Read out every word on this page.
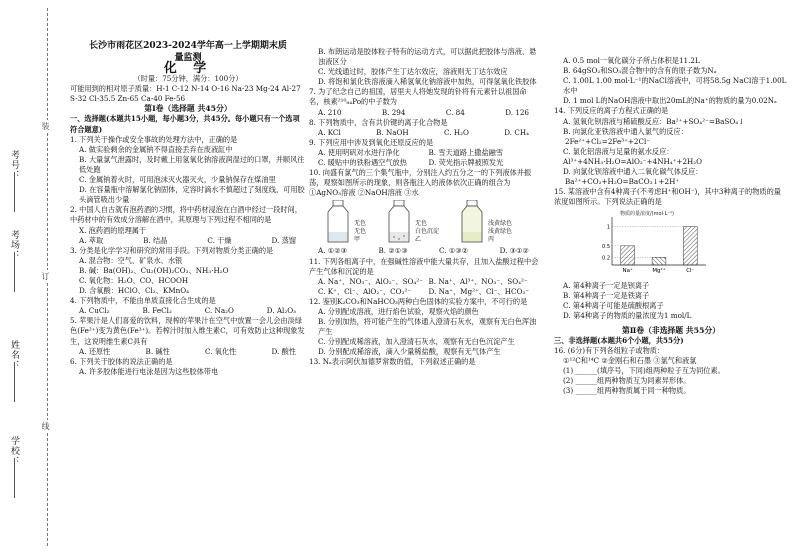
考号：
考场：
姓名：
学校：
装
订
线

长沙市雨花区2023-2024学年高一上学期期末质

量监测

化 学

（时量：75分钟，满分：100分）

可能用到的相对原子质量：H-1 C-12 N-14 O-16 Na-23 Mg-24 Al-27 S-32 Cl-35.5 Zn-65 Ca-40 Fe-56

第Ⅰ卷（选择题 共45分）

一、选择题(本题共15小题，每小题3分，共45分。每小题只有一个选项符合题意)

1. 下列关于操作或安全事故的处理方法中，正确的是

A. 做实验剩余的金属钠不得直接丢弃在废液缸中

B. 大量氯气泄露时，及时戴上用氢氧化钠溶液润湿过的口罩，并顺风往低处跑

C. 金属钠着火时，可用泡沫灭火器灭火，少量钠保存在煤油里

D. 在容量瓶中溶解氯化钠固体，定容时滴水不慎超过了刻度线，可用胶头滴管吸出少量

2. 中国人自古就有泡药酒的习惯，将中药材浸泡在白酒中经过一段时间，中药材中的有效成分溶解在酒中，其原理与下列过程不相同的是

X. 泡药酒的原理属于

A. 萃取	B. 结晶	C. 干燥	D. 蒸馏

3. 分类是化学学习和研究的常用手段。下列对物质分类正确的是

A. 混合物：空气、矿泉水、水银

B. 碱：Ba(OH)₂、Cu₂(OH)₂CO₃、NH₃·H₂O

C. 氧化物：H₂O、CO、HCOOH

D. 含氧酸：HClO、Cl₂、KMnO₄

4. 下列物质中，不能由单质直接化合生成的是

A. CuCl₂	B. FeCl₂	C. Na₂O	D. Al₂O₃

5. 苹果汁是人们喜爱的饮料，现榨的苹果汁在空气中放置一会儿会由淡绿色(Fe²⁺)变为黄色(Fe³⁺)。若榨汁时加入维生素C，可有效防止这种现象发生，这说明维生素C具有

A. 还原性	B. 碱性	C. 氧化性	D. 酸性

6. 下列关于胶体的说法正确的是

A. 许多胶体能进行电泳是因为这些胶体带电

B. 布朗运动是胶体粒子特有的运动方式，可以据此把胶体与溶液、悬浊液区分

C. 光线通过时，胶体产生丁达尔效应，溶液则无丁达尔效应

D. 将饱和氯化铁溶液滴入稀氢氧化钠溶液中加热，可得氢氧化铁胶体

7. 为了纪念自己的祖国，居里夫人将她发现的钋将有元素针以祖国命名，核素²¹⁰₈₄Po的中子数为

A. 210	B. 294	C. 84	D. 126

8. 下列物质中，含有共价键的离子化合物是

A. KCl	B. NaOH	C. H₂O	D. CH₄

9. 下列应用中涉及到氧化还原反应的是

A. 使用明矾对水进行净化	B. 雪天道路上撒盐融雪
C. 暖贴中的铁粉遇空气放热	D. 荧光指示牌被照发光

10. 向盛有氯气的三个集气瓶中，分别注入约五分之一的下列液体并振荡，观察如图所示的现象，则各瓶注入的液体依次正确的组合为①AgNO₃溶液 ②NaOH溶液 ③水

无色
无色
甲
无色
白色沉淀
乙
浅黄绿色
浅黄绿色
丙
A. ①②③	B. ②①③	C. ①③②	D. ③①②

11. 下列各组离子中，在强碱性溶液中能大量共存，且加入盐酸过程中会产生气体和沉淀的是

A. Na⁺、NO₃⁻、AlO₂⁻、SO₄²⁻ B. Na⁺、Al³⁺、NO₃⁻、SO₄²⁻
C. K⁺、Cl⁻、AlO₂⁻、CO₃²⁻	D. Na⁺、Mg²⁺、Cl⁻、HCO₃⁻

12. 鉴别K₂CO₃和NaHCO₃两种白色固体的实验方案中，不可行的是

A. 分别配成溶液，进行焰色试验，观察火焰的颜色

B. 分别加热，将可能产生的气体通入澄清石灰水，观察有无白色浑浊产生

C. 分别配成稀溶液，加入澄清石灰水，观察有无白色沉淀产生

D. 分别配成稀溶液，滴入少量稀盐酸，观察有无气体产生

13. Nₐ表示阿伏加德罗常数的值，下列叙述正确的是

A. 0.5 mol一氧化碳分子所占体积是11.2L

B. 64gSO₂和SO₃混合物中的含有的原子数为Nₐ

C. 1.00L 1.00 mol·L⁻¹的NaCl溶液中，可将58.5g NaCl溶于1.00L水中

D. 1 mol L的NaOH溶液中取出20mL的Na⁺的物质的量为0.02Nₐ

14. 下列反应的离子方程式正确的是

A. 氢氧化钡溶液与稀硫酸反应：Ba²⁺+SO₄²⁻=BaSO₄↓

B. 向氯化亚铁溶液中通入氯气的反应：

2Fe²⁺+Cl₂=2Fe³⁺+2Cl⁻

C. 氯化铝溶液与足量的氨水反应：Al³⁺+4NH₃·H₂O=AlO₂⁻+4NH₄⁺+2H₂O

D. 向氯化钡溶液中通入二氧化碳气体反应：

Ba²⁺+CO₂+H₂O=BaCO₃↓+2H⁺

15. 某溶液中含有4种离子(不考虑H⁺和OH⁻)，其中3种离子的物质的量浓度如图所示。下列说法正确的是

物质的量浓度/(mol·L⁻¹)
Na⁺
0.5
Mg²⁺
0.2
Cl⁻
1

A. 第4种离子一定是钡离子

B. 第4种离子一定是铁离子

C. 第4种离子可能是硫酸根离子

D. 第4种离子的物质的量浓度为1 mol/L

第Ⅱ卷（非选择题 共55分）

三、非选择题(本题共6个小题，共55分)

16. (6分)有下列各组粒子或物质：

①¹²C和¹⁴C ②金刚石和石墨 ③氯气和液氯

(1) ______(填序号，下同)组两种粒子互为同位素。

(2) ______组两种物质互为同素异形体。

(3) ______组两种物质属于同一种物质。
